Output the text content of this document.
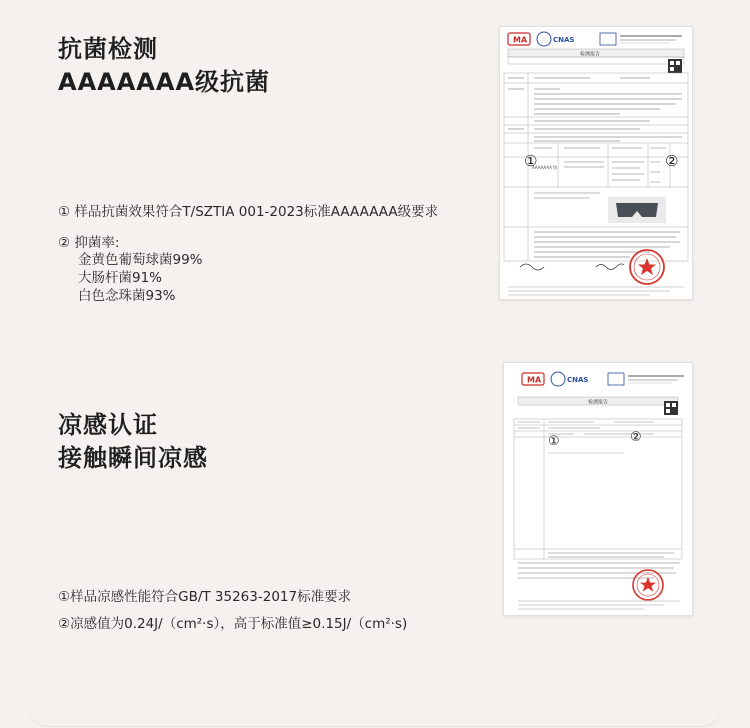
抗菌检测
AAAAAAA级抗菌
① 样品抗菌效果符合T/SZTIA 001-2023标准AAAAAAA级要求
② 抑菌率:
金黄色葡萄球菌99%
大肠杆菌91%
白色念珠菌93%
MA	CNAS
检测报告
AAAAAAA 级
①	②
凉感认证
接触瞬间凉感
①样品凉感性能符合GB/T 35263-2017标准要求
②凉感值为0.24J/（cm²·s），高于标准值≥0.15J/（cm²·s)
MA	CNAS
检测报告
①	②
